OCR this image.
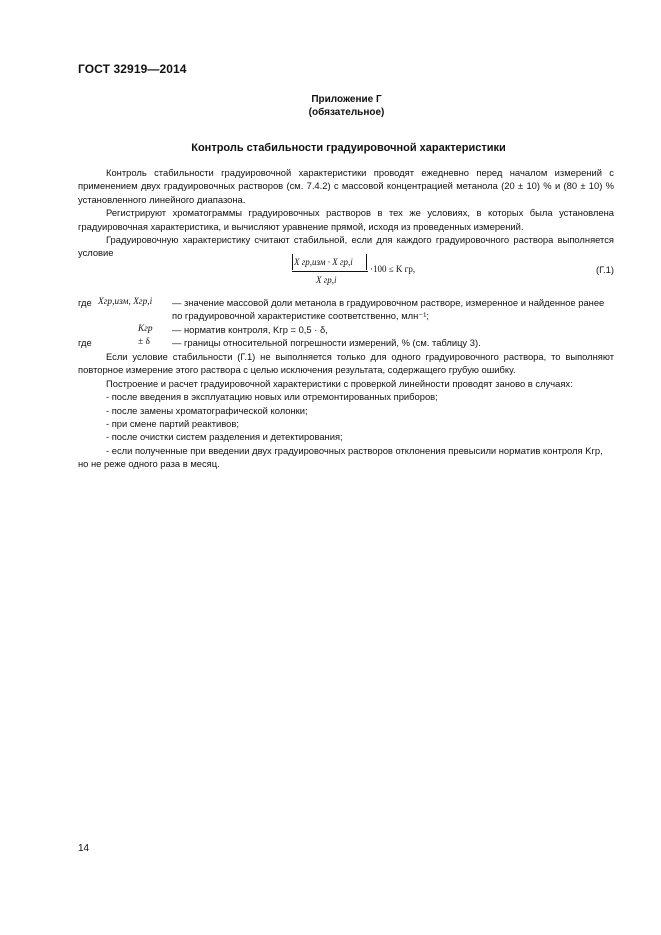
ГОСТ 32919—2014
Приложение Г
(обязательное)
Контроль стабильности градуировочной характеристики

Контроль стабильности градуировочной характеристики проводят ежедневно перед началом измерений с применением двух градуировочных растворов (см. 7.4.2) с массовой концентрацией метанола (20 ± 10) % и (80 ± 10) % установленного линейного диапазона.

Регистрируют хроматограммы градуировочных растворов в тех же условиях, в которых была установлена градуировочная характеристика, и вычисляют уравнение прямой, исходя из проведенных измерений.

Градуировочную характеристику считают стабильной, если для каждого градуировочного раствора выполняется условие

X гр,изм · X гр,i
X гр,i
·100 ≤ K гр,	(Г.1)
где Xгр,изм, Xгр,i — значение массовой доли метанола в градуировочном растворе, измеренное и найденное ранее
по градуировочной характеристике соответственно, млн⁻¹;
Kгр — норматив контроля, Kгр = 0,5 · δ,
где	± δ — границы относительной погрешности измерений, % (см. таблицу 3).

Если условие стабильности (Г.1) не выполняется только для одного градуировочного раствора, то выполняют повторное измерение этого раствора с целью исключения результата, содержащего грубую ошибку.

Построение и расчет градуировочной характеристики с проверкой линейности проводят заново в случаях:

- после введения в эксплуатацию новых или отремонтированных приборов;
- после замены хроматографической колонки;
- при смене партий реактивов;
- после очистки систем разделения и детектирования;
- если полученные при введении двух градуировочных растворов отклонения превысили норматив контроля Kгр, но не реже одного раза в месяц.
14
